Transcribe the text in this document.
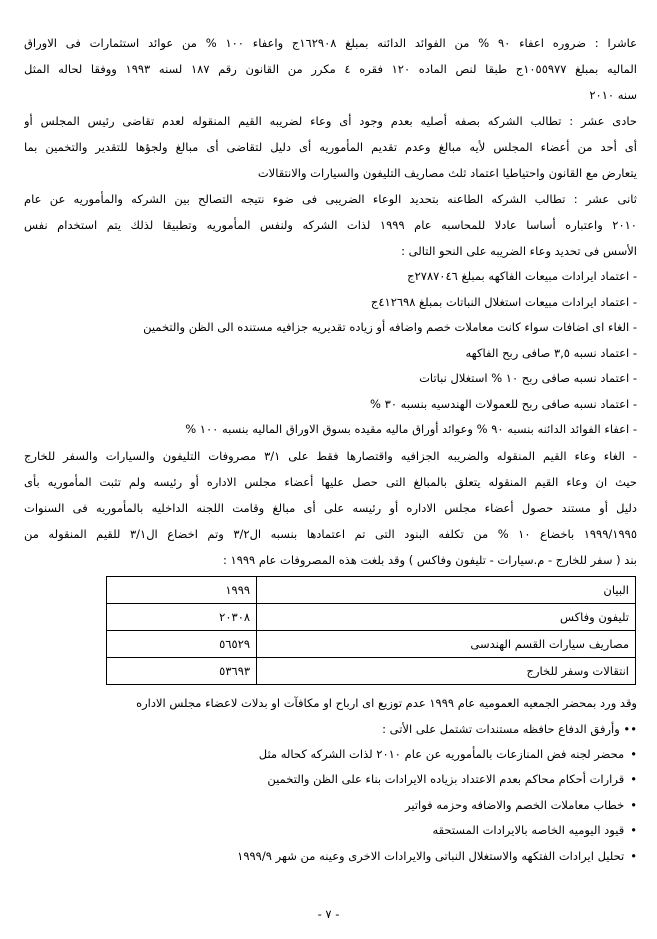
عاشرا : ضروره اعفاء ٩٠ % من الفوائد الدائنه بمبلغ ١٦٢٩٠٨ج واعفاء ١٠٠ % من عوائد استثمارات فى الاوراق
الماليه بمبلغ ١٠٥٥٩٧٧ج طبقا لنص الماده ١٢٠ فقره ٤ مكرر من القانون رقم ١٨٧ لسنه ١٩٩٣ ووفقا لحاله المثل
سنه ٢٠١٠
حادى عشر : تطالب الشركه بصفه أصليه بعدم وجود أى وعاء لضريبه القيم المنقوله لعدم تقاضى رئيس المجلس أو
أى أحد من أعضاء المجلس لأيه مبالغ وعدم تقديم المأموريه أى دليل لتقاضى أى مبالغ ولجؤها للتقدير والتخمين بما
يتعارض مع القانون واحتياطيا اعتماد ثلث مصاريف التليفون والسيارات والانتقالات
ثانى عشر : تطالب الشركه الطاعنه بتحديد الوعاء الضريبى فى ضوء نتيجه التصالح بين الشركه والمأموريه عن عام
٢٠١٠ واعتباره أساسا عادلا للمحاسبه عام ١٩٩٩ لذات الشركه ولنفس المأموريه وتطبيقا لذلك يتم استخدام نفس
الأسس فى تحديد وعاء الضريبه على النحو التالى :
- اعتماد ايرادات مبيعات الفاكهه بمبلغ ٢٧٨٧٠٤٦ج
- اعتماد ايرادات مبيعات استغلال النباتات بمبلغ ٤١٢٦٩٨ج
- الغاء اى اضافات سواء كانت معاملات خصم واضافه أو زياده تقديريه جزافيه مستنده الى الظن والتخمين
- اعتماد نسبه ٣,٥ صافى ربح الفاكهه
- اعتماد نسبه صافى ربح ١٠ % استغلال نباتات
- اعتماد نسبه صافى ربح للعمولات الهندسيه بنسبه ٣٠ %
- اعفاء الفوائد الدائنه بنسبه ٩٠ % وعوائد أوراق ماليه مقيده بسوق الاوراق الماليه بنسبه ١٠٠ %
- الغاء وعاء القيم المنقوله والضريبه الجزافيه واقتصارها فقط على ٣/١ مصروفات التليفون والسيارات والسفر للخارج
حيث ان وعاء القيم المنقوله يتعلق بالمبالغ التى حصل عليها أعضاء مجلس الاداره أو رئيسه ولم تثبت المأموريه بأى
دليل أو مستند حصول أعضاء مجلس الاداره أو رئيسه على أى مبالغ وقامت اللجنه الداخليه بالمأموريه فى السنوات
١٩٩٩/١٩٩٥ باخضاع ١٠ % من تكلفه البنود التى تم اعتمادها بنسبه ال٣/٢ وتم اخضاع ال٣/١ للقيم المنقوله من
بند ( سفر للخارج - م.سيارات - تليفون وفاكس ) وقد بلغت هذه المصروفات عام ١٩٩٩ :
البيان	١٩٩٩
تليفون وفاكس	٢٠٣٠٨
مصاريف سيارات القسم الهندسى	٥٦٥٢٩
انتقالات وسفر للخارج	٥٣٦٩٣
وقد ورد بمحضر الجمعيه العموميه عام ١٩٩٩ عدم توزيع اى ارباح او مكافآت او بدلات لاعضاء مجلس الاداره
•• وأرفق الدفاع حافظه مستندات تشتمل على الأتى :
•محضر لجنه فض المنازعات بالمأموريه عن عام ٢٠١٠ لذات الشركه كحاله مثل
•قرارات أحكام محاكم بعدم الاعتداد بزياده الايرادات بناء على الظن والتخمين
•خطاب معاملات الخصم والاضافه وحزمه فواتير
•قيود اليوميه الخاصه بالايرادات المستحقه
•تحليل ايرادات الفتكهه والاستغلال النباتى والايرادات الاخرى وعينه من شهر ١٩٩٩/٩
- ٧ -
